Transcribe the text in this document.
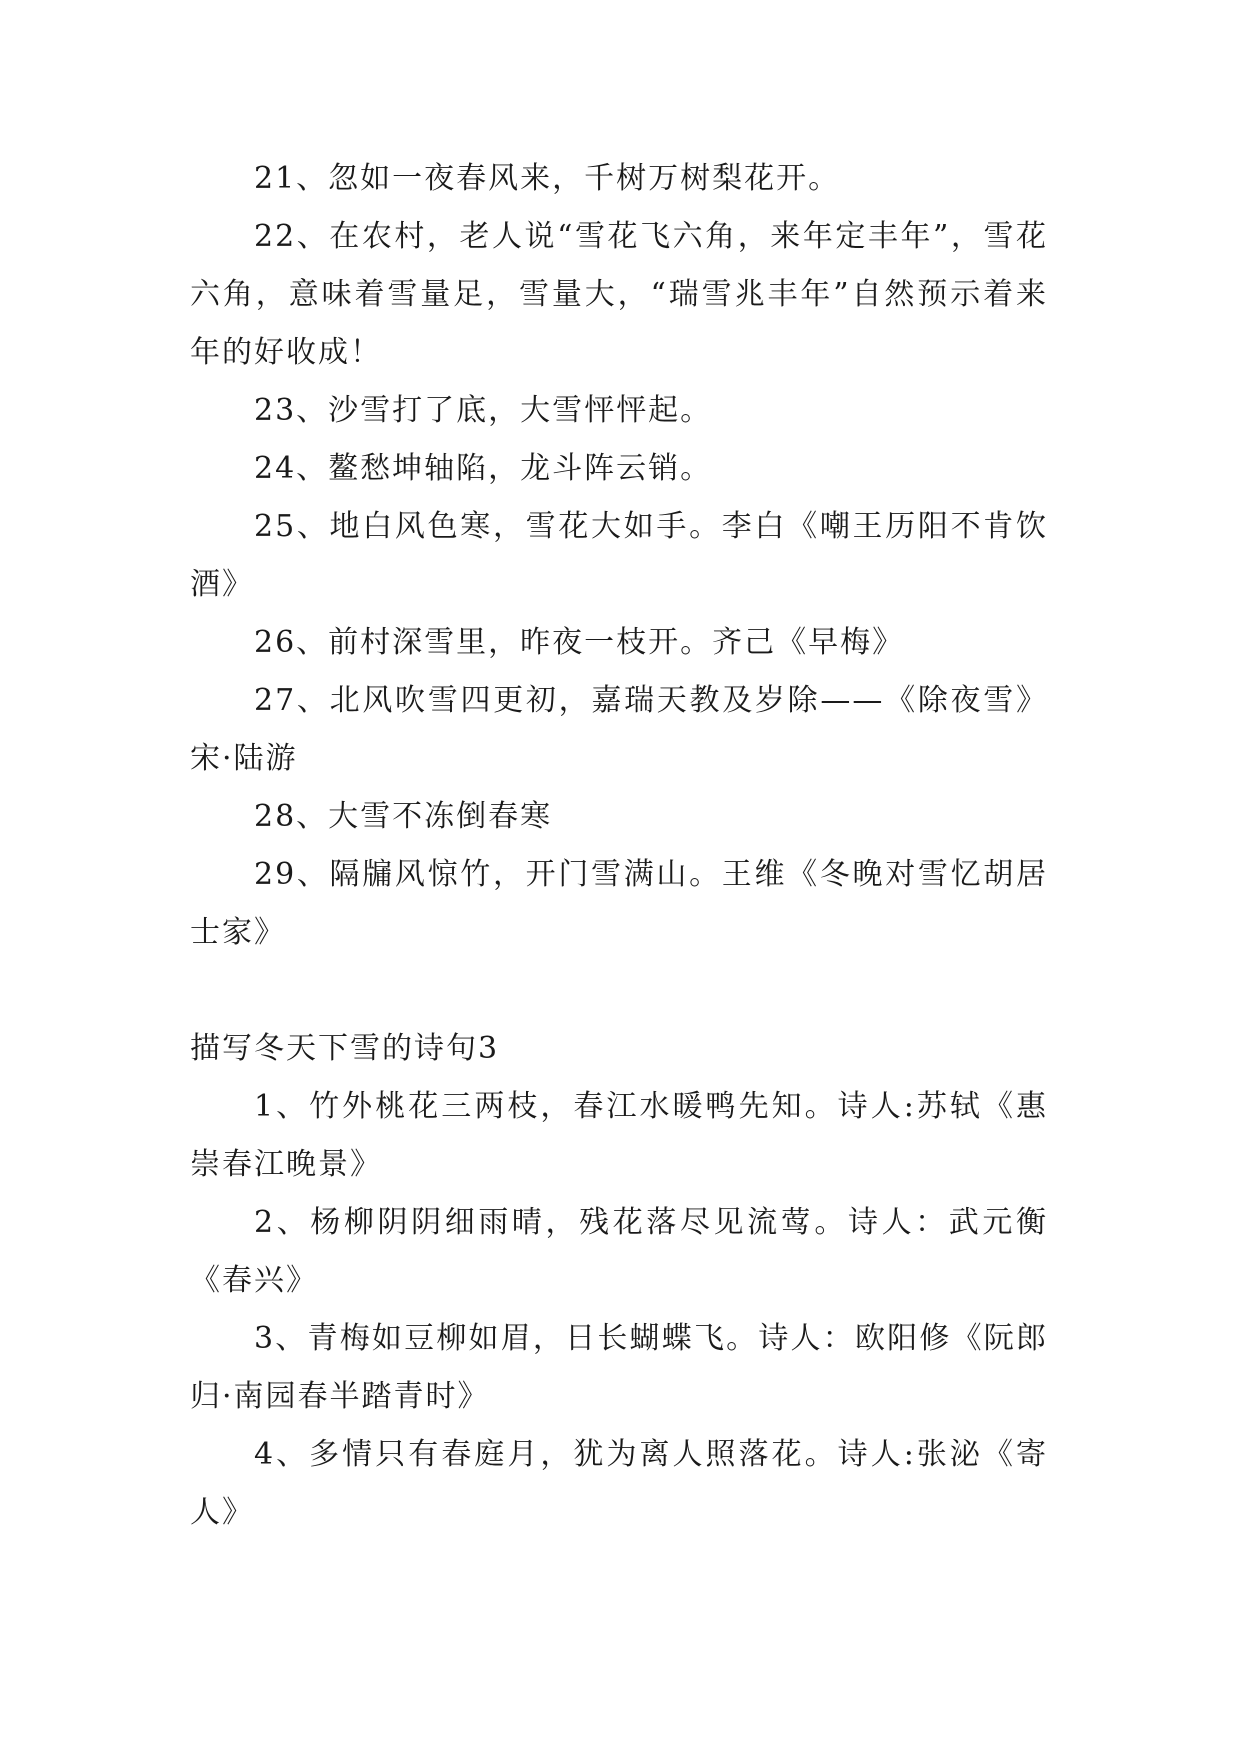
21、忽如一夜春风来，千树万树梨花开。

22、在农村，老人说“雪花飞六角，来年定丰年”，雪花六角，意味着雪量足，雪量大，“瑞雪兆丰年”自然预示着来年的好收成！

23、沙雪打了底，大雪怦怦起。

24、鳌愁坤轴陷，龙斗阵云销。

25、地白风色寒，雪花大如手。李白《嘲王历阳不肯饮酒》

26、前村深雪里，昨夜一枝开。齐己《早梅》

27、北风吹雪四更初，嘉瑞天教及岁除——《除夜雪》宋·陆游

28、大雪不冻倒春寒

29、隔牖风惊竹，开门雪满山。王维《冬晚对雪忆胡居士家》

描写冬天下雪的诗句3

1、竹外桃花三两枝，春江水暖鸭先知。诗人:苏轼《惠崇春江晚景》

2、杨柳阴阴细雨晴，残花落尽见流莺。诗人：武元衡《春兴》

3、青梅如豆柳如眉，日长蝴蝶飞。诗人：欧阳修《阮郎归·南园春半踏青时》

4、多情只有春庭月，犹为离人照落花。诗人:张泌《寄人》
